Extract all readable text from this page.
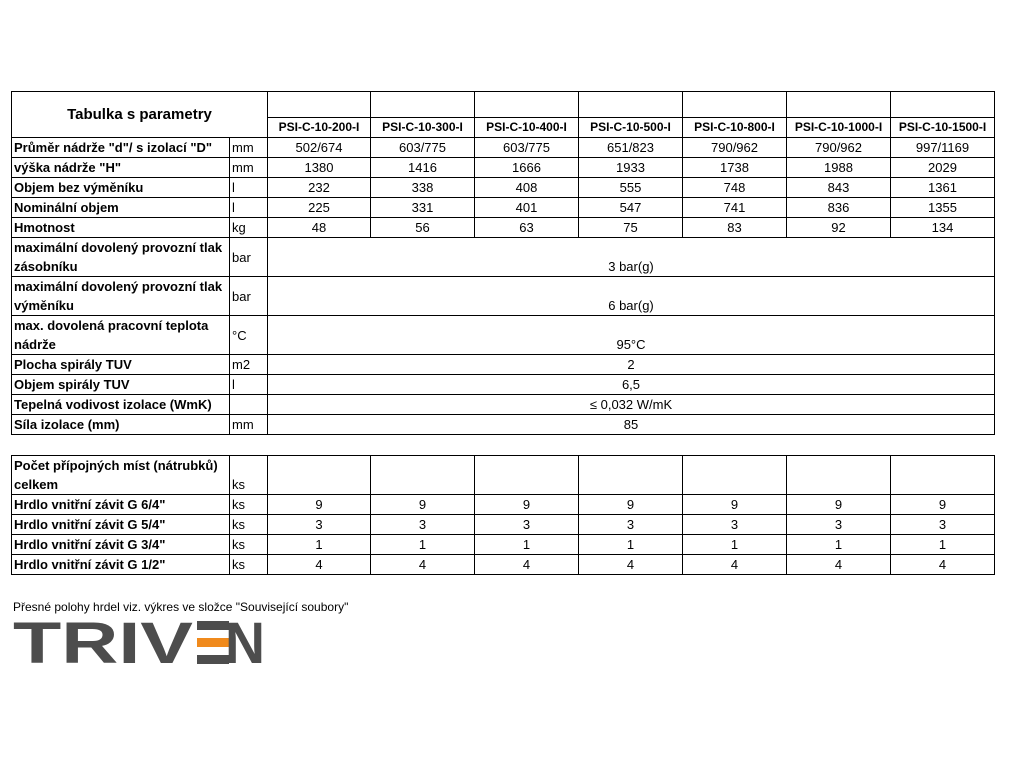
Tabulka s parametry								
		PSI-C-10-200-I	PSI-C-10-300-I	PSI-C-10-400-I	PSI-C-10-500-I	PSI-C-10-800-I	PSI-C-10-1000-I	PSI-C-10-1500-I
Průměr nádrže "d"/ s izolací "D"	mm	502/674	603/775	603/775	651/823	790/962	790/962	997/1169
výška nádrže "H"	mm	1380	1416	1666	1933	1738	1988	2029
Objem bez výměníku	l	232	338	408	555	748	843	1361
Nominální objem	l	225	331	401	547	741	836	1355
Hmotnost	kg	48	56	63	75	83	92	134
maximální dovolený provozní tlak zásobníku	bar	3 bar(g)						
maximální dovolený provozní tlak výměníku	bar	6 bar(g)						
max. dovolená pracovní teplota nádrže	°C	95°C						
Plocha spirály TUV	m2	2						
Objem spirály TUV	l	6,5						
Tepelná vodivost izolace (WmK)		≤ 0,032 W/mK						
Síla izolace (mm)	mm	85						
Počet přípojných míst (nátrubků) celkem	ks							
Hrdlo vnitřní závit G 6/4"	ks	9	9	9	9	9	9	9
Hrdlo vnitřní závit G 5/4"	ks	3	3	3	3	3	3	3
Hrdlo vnitřní závit G 3/4"	ks	1	1	1	1	1	1	1
Hrdlo vnitřní závit G 1/2"	ks	4	4	4	4	4	4	4
Přesné polohy hrdel viz. výkres ve složce "Související soubory"
TRIV N
